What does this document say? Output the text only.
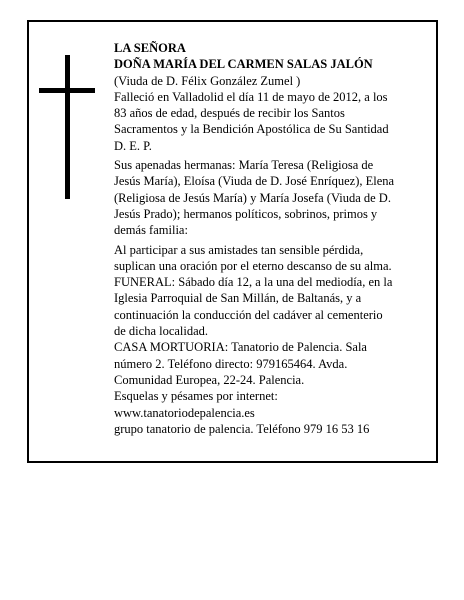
LA SEÑORA

DOÑA MARÍA DEL CARMEN SALAS JALÓN

(Viuda de D. Félix González Zumel )

Falleció en Valladolid el día 11 de mayo de 2012, a los

83 años de edad, después de recibir los Santos

Sacramentos y la Bendición Apostólica de Su Santidad

D. E. P.

Sus apenadas hermanas: María Teresa (Religiosa de

Jesús María), Eloísa (Viuda de D. José Enríquez), Elena

(Religiosa de Jesús María) y María Josefa (Viuda de D.

Jesús Prado); hermanos políticos, sobrinos, primos y

demás familia:

Al participar a sus amistades tan sensible pérdida,

suplican una oración por el eterno descanso de su alma.

FUNERAL: Sábado día 12, a la una del mediodía, en la

Iglesia Parroquial de San Millán, de Baltanás, y a

continuación la conducción del cadáver al cementerio

de dicha localidad.

CASA MORTUORIA: Tanatorio de Palencia. Sala

número 2. Teléfono directo: 979165464. Avda.

Comunidad Europea, 22-24. Palencia.

Esquelas y pésames por internet:

www.tanatoriodepalencia.es

grupo tanatorio de palencia. Teléfono 979 16 53 16
